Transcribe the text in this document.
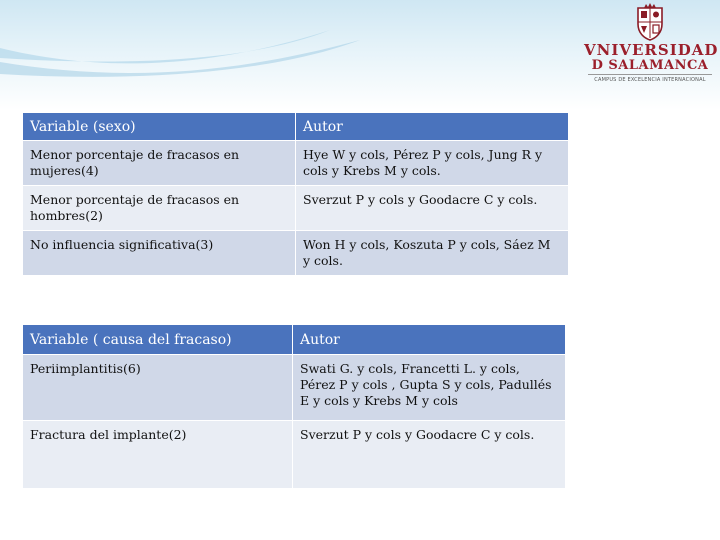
VNIVERSIDAD
D SALAMANCA
CAMPUS DE EXCELENCIA INTERNACIONAL
Variable (sexo)	Autor
Menor porcentaje de fracasos en mujeres(4)	Hye W y cols, Pérez P y cols, Jung R y cols y Krebs M y cols.
Menor porcentaje de fracasos en hombres(2)	Sverzut P y cols y Goodacre C y cols.
No influencia significativa(3)	Won H y cols, Koszuta P y cols, Sáez M y cols.
Variable ( causa del fracaso)	Autor
Periimplantitis(6)	Swati G. y cols, Francetti L. y cols, Pérez P y cols , Gupta S y cols, Padullés E y cols y Krebs M y cols
Fractura del implante(2)	Sverzut P y cols y Goodacre C y cols.
